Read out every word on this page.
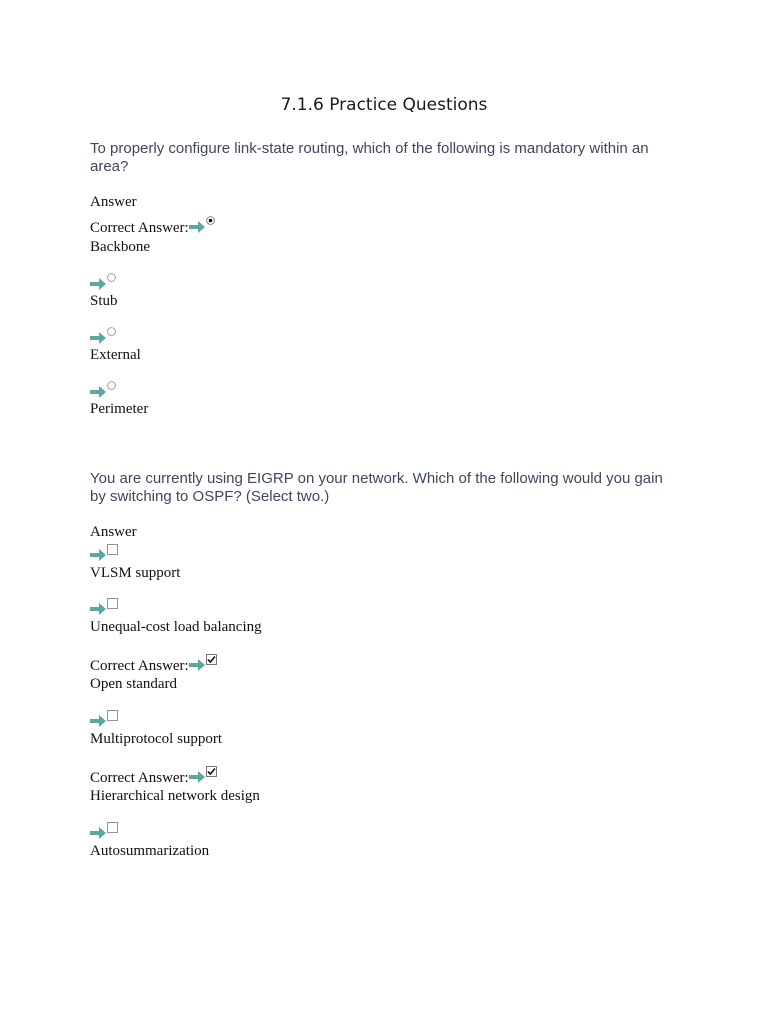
7.1.6 Practice Questions
To properly configure link-state routing, which of the following is mandatory within an area?
Answer
Correct Answer:
Backbone
Stub
External
Perimeter
You are currently using EIGRP on your network. Which of the following would you gain by switching to OSPF? (Select two.)
Answer
VLSM support
Unequal-cost load balancing
Correct Answer:
Open standard
Multiprotocol support
Correct Answer:
Hierarchical network design
Autosummarization
